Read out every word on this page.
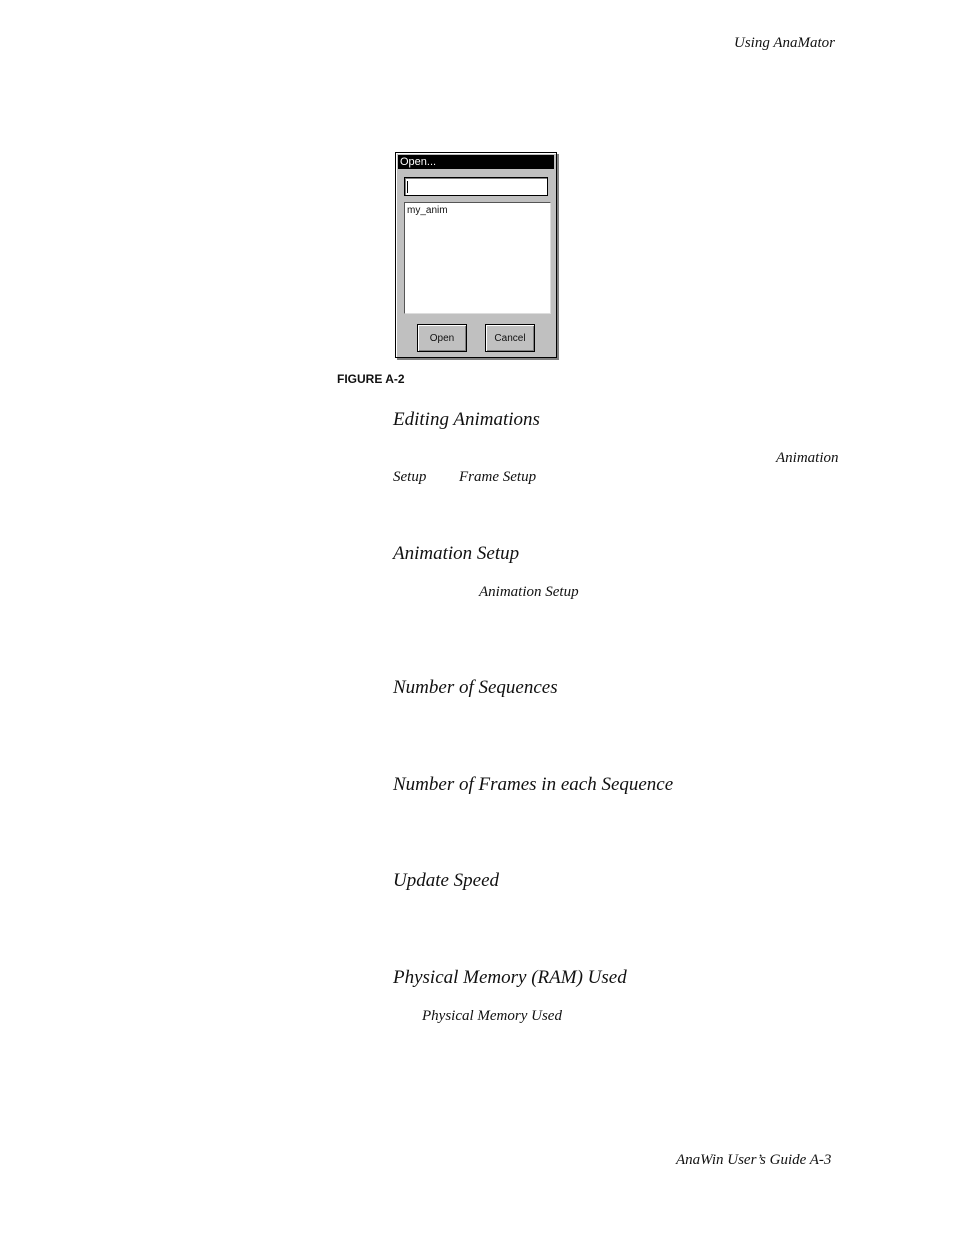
Using AnaMator
Open...
my_anim
Open	Cancel
FIGURE A-2
Editing Animations
Animation
Setup Frame Setup
Animation Setup
Animation Setup
Number of Sequences
Number of Frames in each Sequence
Update Speed
Physical Memory (RAM) Used
Physical Memory Used
AnaWin User’s Guide A-3
